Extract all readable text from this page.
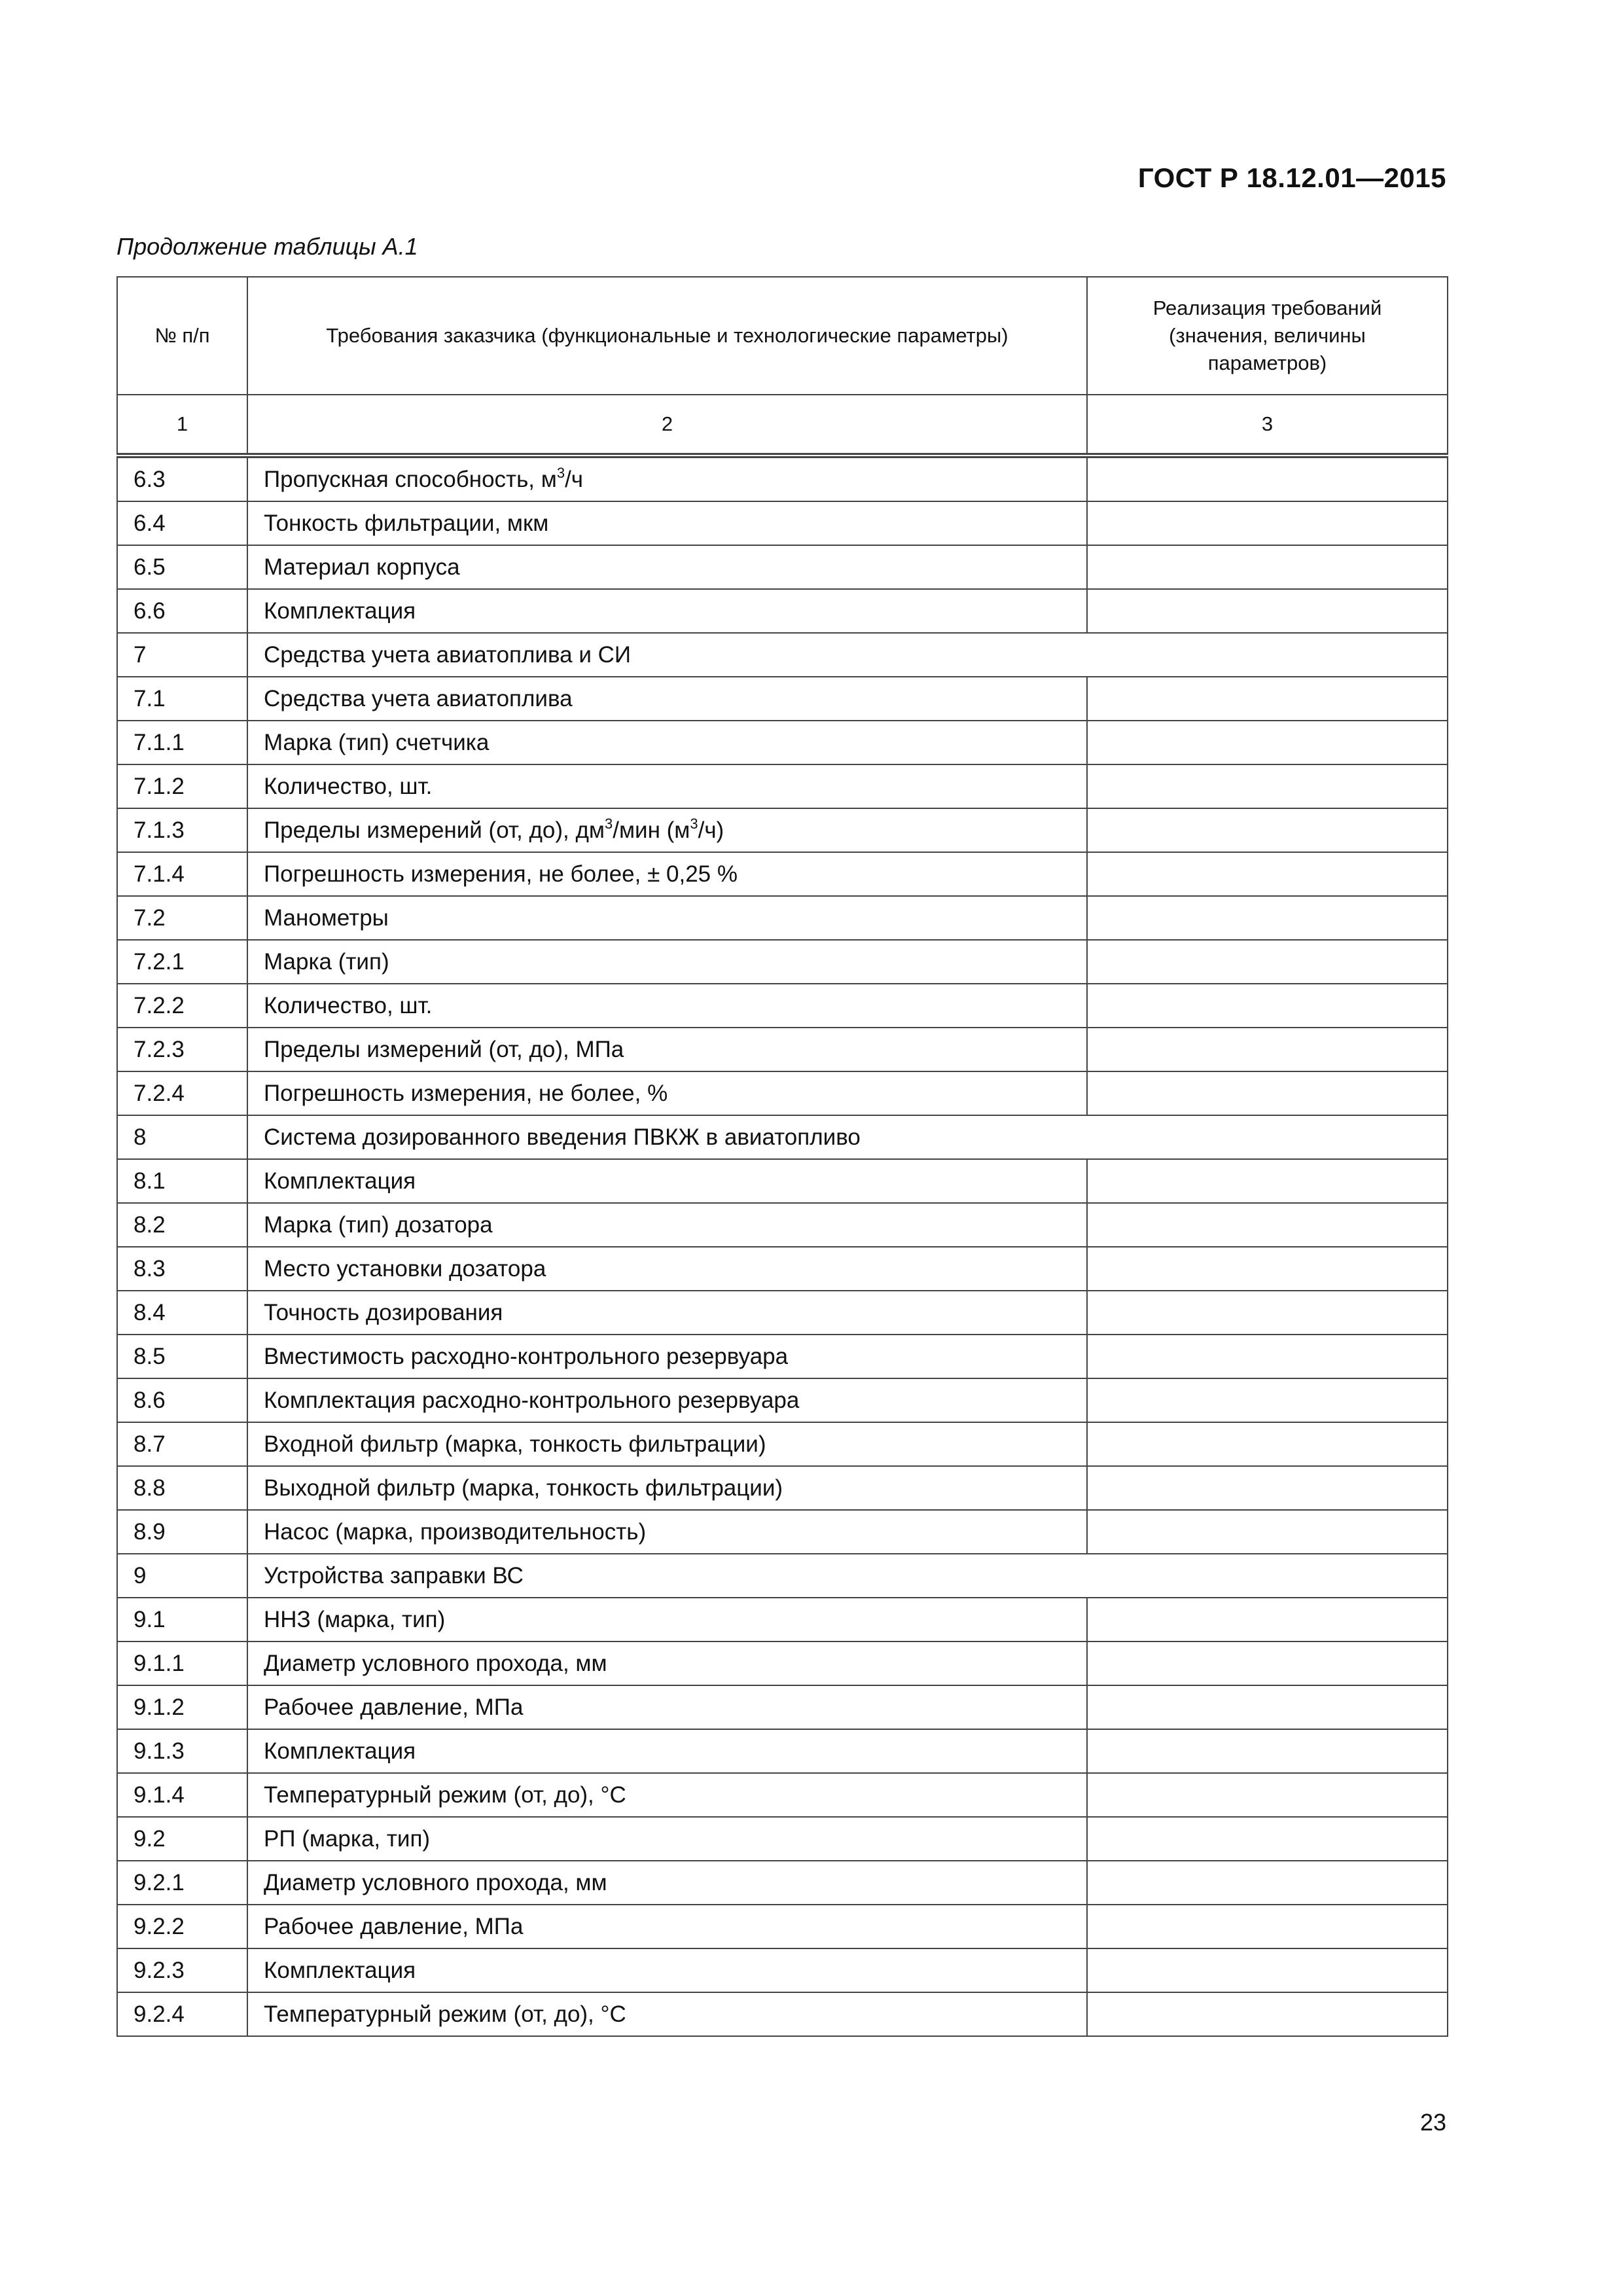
ГОСТ Р 18.12.01—2015
Продолжение таблицы А.1
№ п/п	Требования заказчика (функциональные и технологические параметры)	Реализация требований (значения, величины параметров)
1	2	3
6.3	Пропускная способность, $м^3/ч$	
6.4	Тонкость фильтрации, мкм	
6.5	Материал корпуса	
6.6	Комплектация	
7	Средства учета авиатоплива и СИ	
7.1	Средства учета авиатоплива	
7.1.1	Марка (тип) счетчика	
7.1.2	Количество, шт.	
7.1.3	Пределы измерений (от, до), $дм^3$/мин $(м^3/ч)$	
7.1.4	Погрешность измерения, не более, ± 0,25 %	
7.2	Манометры	
7.2.1	Марка (тип)	
7.2.2	Количество, шт.	
7.2.3	Пределы измерений (от, до), МПа	
7.2.4	Погрешность измерения, не более, %	
8	Система дозированного введения ПВКЖ в авиатопливо	
8.1	Комплектация	
8.2	Марка (тип) дозатора	
8.3	Место установки дозатора	
8.4	Точность дозирования	
8.5	Вместимость расходно-контрольного резервуара	
8.6	Комплектация расходно-контрольного резервуара	
8.7	Входной фильтр (марка, тонкость фильтрации)	
8.8	Выходной фильтр (марка, тонкость фильтрации)	
8.9	Насос (марка, производительность)	
9	Устройства заправки ВС	
9.1	ННЗ (марка, тип)	
9.1.1	Диаметр условного прохода, мм	
9.1.2	Рабочее давление, МПа	
9.1.3	Комплектация	
9.1.4	Температурный режим (от, до), °С	
9.2	РП (марка, тип)	
9.2.1	Диаметр условного прохода, мм	
9.2.2	Рабочее давление, МПа	
9.2.3	Комплектация	
9.2.4	Температурный режим (от, до), °С	
23
